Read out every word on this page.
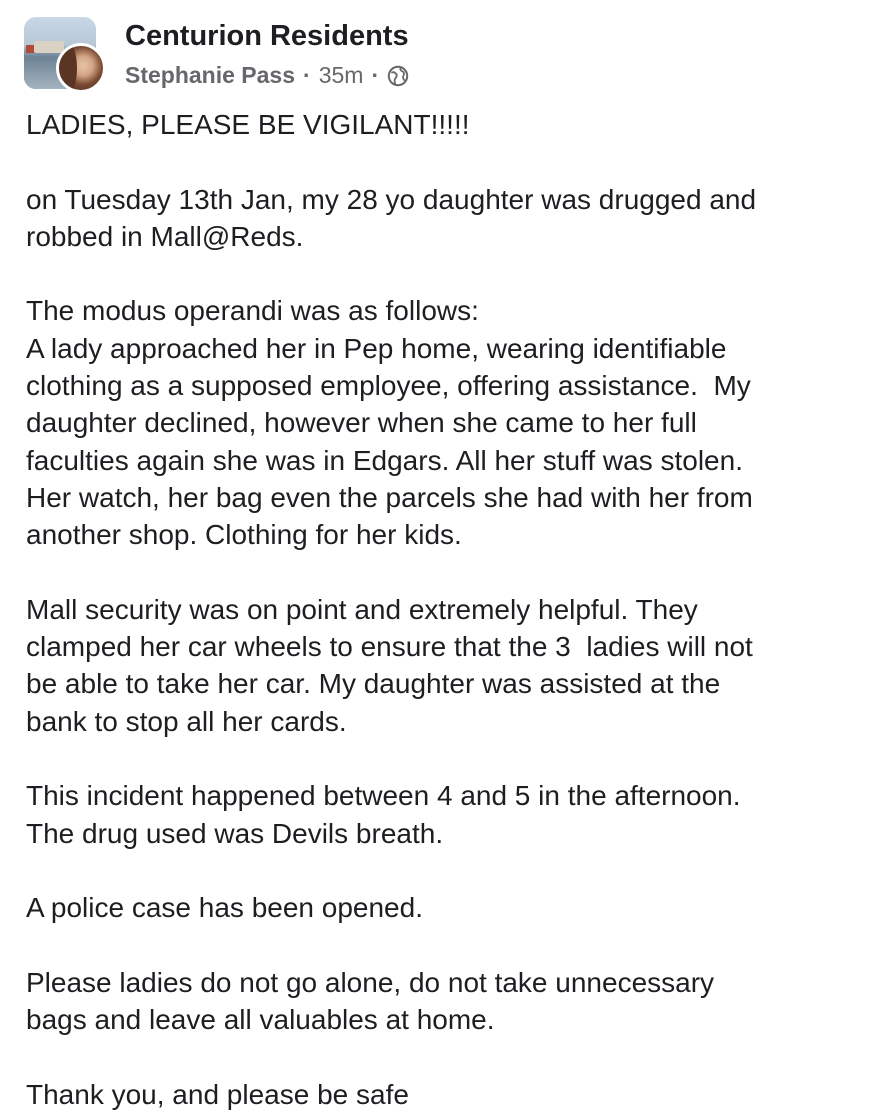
Centurion Residents
Stephanie Pass · 35m ·
LADIES, PLEASE BE VIGILANT!!!!!
on Tuesday 13th Jan, my 28 yo daughter was drugged and
robbed in Mall@Reds.
The modus operandi was as follows:
A lady approached her in Pep home, wearing identifiable
clothing as a supposed employee, offering assistance.  My
daughter declined, however when she came to her full
faculties again she was in Edgars. All her stuff was stolen.
Her watch, her bag even the parcels she had with her from
another shop. Clothing for her kids.
Mall security was on point and extremely helpful. They
clamped her car wheels to ensure that the 3  ladies will not
be able to take her car. My daughter was assisted at the
bank to stop all her cards.
This incident happened between 4 and 5 in the afternoon.
The drug used was Devils breath.
A police case has been opened.
Please ladies do not go alone, do not take unnecessary
bags and leave all valuables at home.
Thank you, and please be safe
